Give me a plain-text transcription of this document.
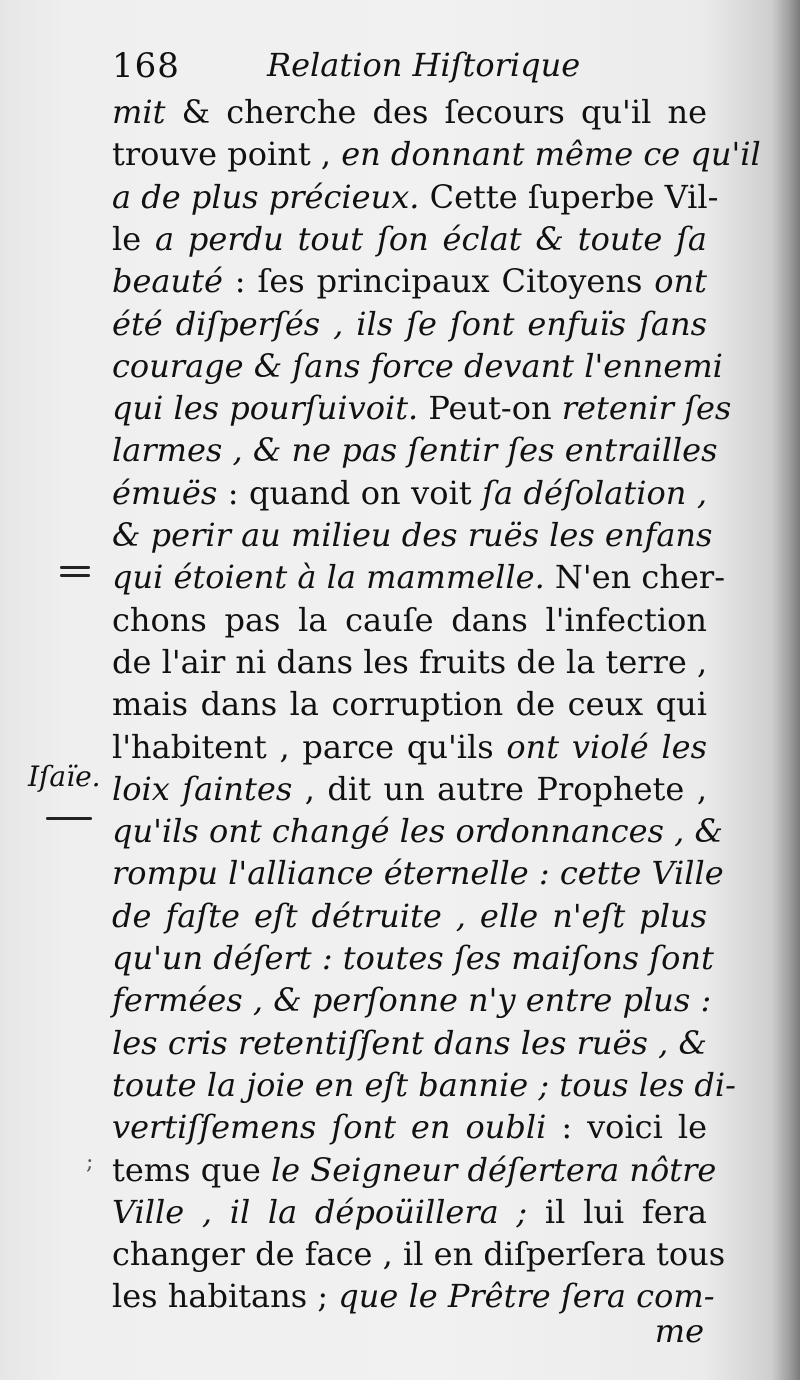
168	Relation Hiſtorique
mit & cherche des ſecours qu'il ne
trouve point , en donnant même ce qu'il
a de plus précieux. Cette ſuperbe Vil-
le a perdu tout ſon éclat & toute ſa
beauté : ſes principaux Citoyens ont
été diſperſés , ils ſe ſont enfuïs ſans
courage & ſans force devant l'ennemi
qui les pourſuivoit. Peut-on retenir ſes
larmes , & ne pas ſentir ſes entrailles
émuës : quand on voit ſa déſolation ,
& perir au milieu des ruës les enfans
qui étoient à la mammelle. N'en cher-
chons pas la cauſe dans l'infection
de l'air ni dans les fruits de la terre ,
mais dans la corruption de ceux qui
l'habitent , parce qu'ils ont violé les
loix ſaintes , dit un autre Prophete ,
qu'ils ont changé les ordonnances , &
rompu l'alliance éternelle : cette Ville
de faſte eſt détruite , elle n'eſt plus
qu'un déſert : toutes ſes maiſons ſont
fermées , & perſonne n'y entre plus :
les cris retentiſſent dans les ruës , &
toute la joie en eſt bannie ; tous les di-
vertiſſemens ſont en oubli : voici le
tems que le Seigneur déſertera nôtre
Ville , il la dépoüillera ; il lui fera
changer de face , il en diſperſera tous
les habitans ; que le Prêtre ſera com-
Iſaïe.
;
me
